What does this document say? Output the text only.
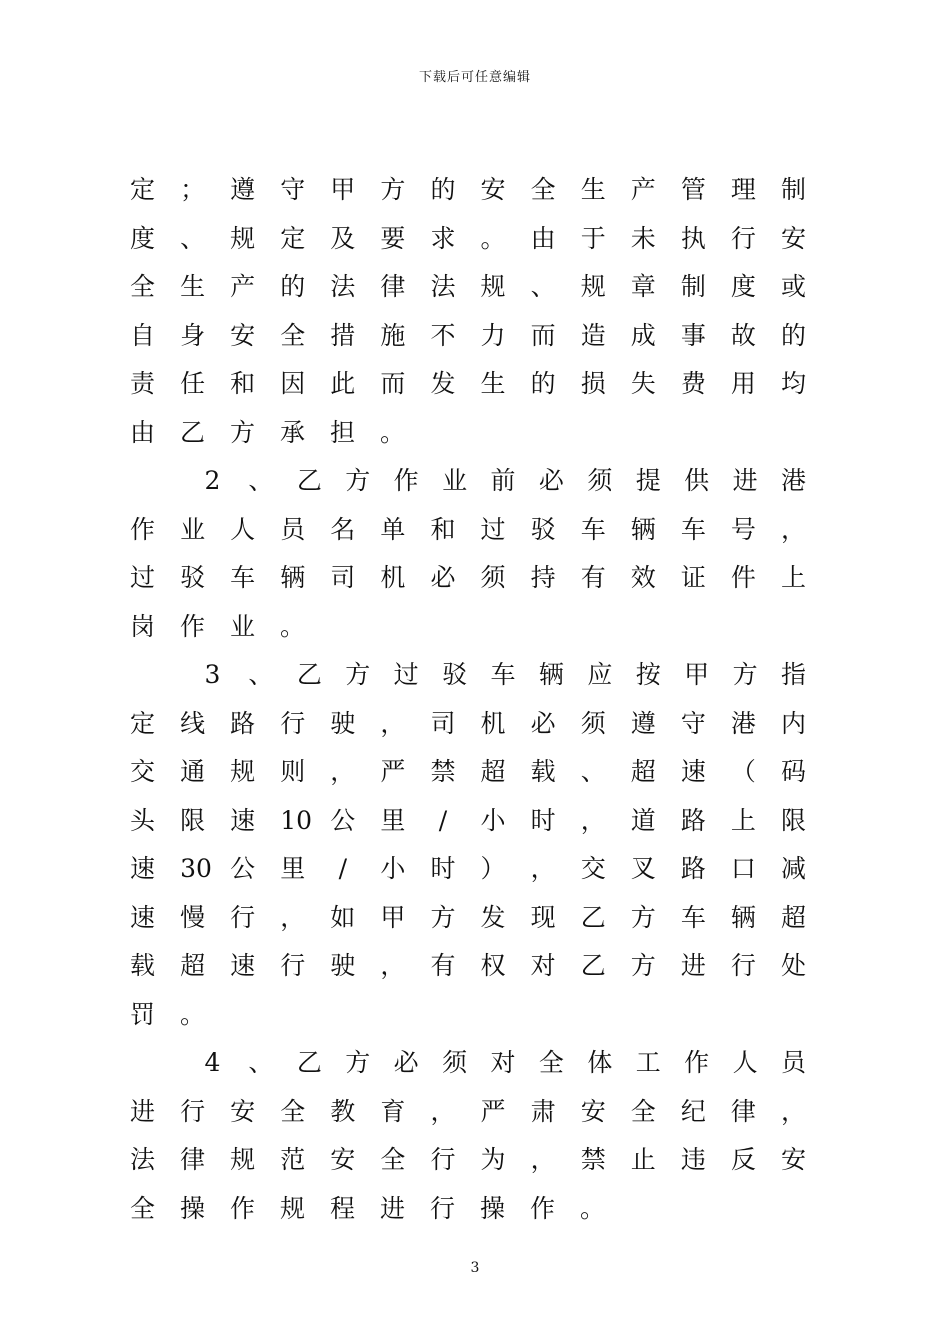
下载后可任意编辑
定 ； 遵 守 甲 方 的 安 全 生 产 管 理 制
度 、 规 定 及 要 求 。 由 于 未 执 行 安
全 生 产 的 法 律 法 规 、 规 章 制 度 或
自 身 安 全 措 施 不 力 而 造 成 事 故 的
责 任 和 因 此 而 发 生 的 损 失 费 用 均
由 乙 方 承 担 。
2 、 乙 方 作 业 前 必 须 提 供 进 港
作 业 人 员 名 单 和 过 驳 车 辆 车 号 ，
过 驳 车 辆 司 机 必 须 持 有 效 证 件 上
岗 作 业 。
3 、 乙 方 过 驳 车 辆 应 按 甲 方 指
定 线 路 行 驶 ， 司 机 必 须 遵 守 港 内
交 通 规 则 ， 严 禁 超 载 、 超 速 （ 码
头 限 速 10 公 里	/	小 时 ， 道 路 上 限
速 30 公 里	/	小 时 ） ， 交 叉 路 口 减
速 慢 行 ， 如 甲 方 发 现 乙 方 车 辆 超
载 超 速 行 驶 ， 有 权 对 乙 方 进 行 处
罚 。
4 、 乙 方 必 须 对 全 体 工 作 人 员
进 行 安 全 教 育 ， 严 肃 安 全 纪 律 ，
法 律 规 范 安 全 行 为 ， 禁 止 违 反 安
全 操 作 规 程 进 行 操 作 。
3
